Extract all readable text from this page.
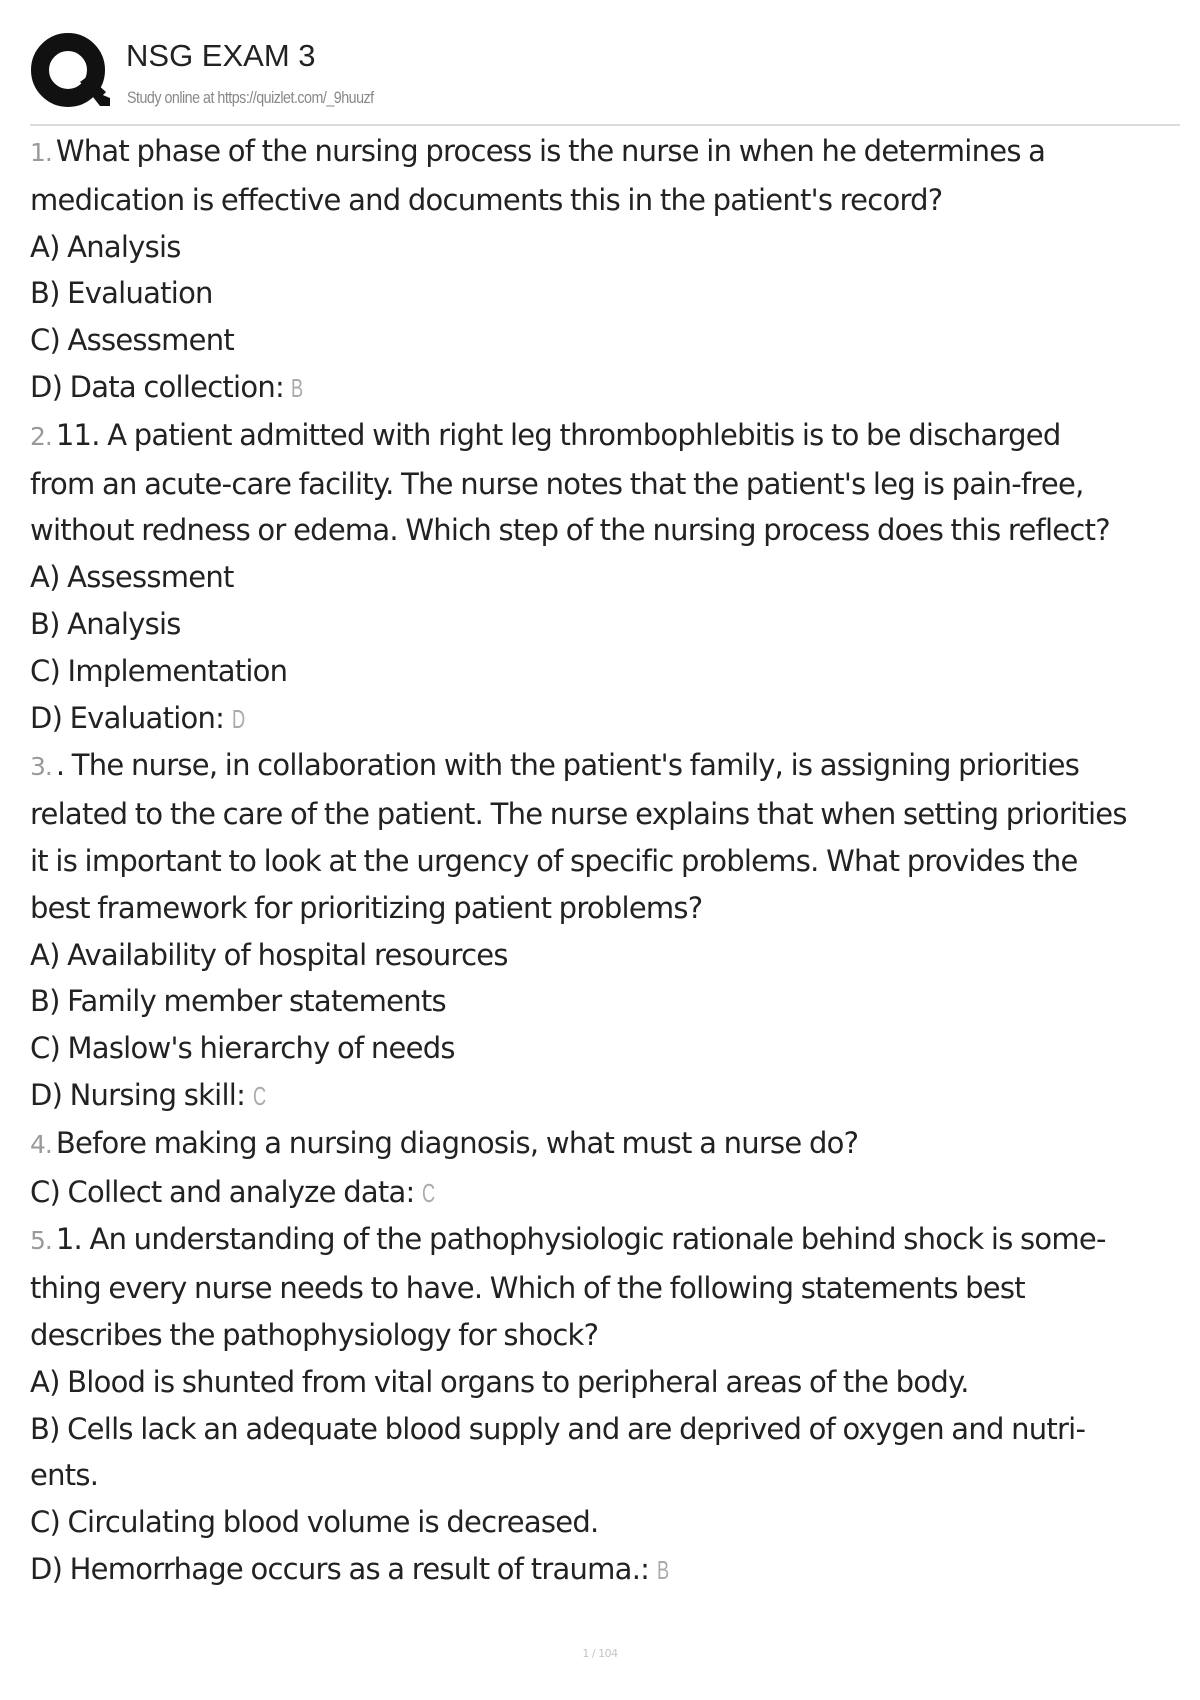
NSG EXAM 3
Study online at https://quizlet.com/_9huuzf
1. What phase of the nursing process is the nurse in when he determines a
medication is effective and documents this in the patient's record?
A) Analysis
B) Evaluation
C) Assessment
D) Data collection: B
2. 11. A patient admitted with right leg thrombophlebitis is to be discharged
from an acute-care facility. The nurse notes that the patient's leg is pain-free,
without redness or edema. Which step of the nursing process does this reflect?
A) Assessment
B) Analysis
C) Implementation
D) Evaluation: D
3. . The nurse, in collaboration with the patient's family, is assigning priorities
related to the care of the patient. The nurse explains that when setting priorities
it is important to look at the urgency of specific problems. What provides the
best framework for prioritizing patient problems?
A) Availability of hospital resources
B) Family member statements
C) Maslow's hierarchy of needs
D) Nursing skill: C
4. Before making a nursing diagnosis, what must a nurse do?
C) Collect and analyze data: C
5. 1. An understanding of the pathophysiologic rationale behind shock is some-
thing every nurse needs to have. Which of the following statements best
describes the pathophysiology for shock?
A) Blood is shunted from vital organs to peripheral areas of the body.
B) Cells lack an adequate blood supply and are deprived of oxygen and nutri-
ents.
C) Circulating blood volume is decreased.
D) Hemorrhage occurs as a result of trauma.: B
1 / 104
